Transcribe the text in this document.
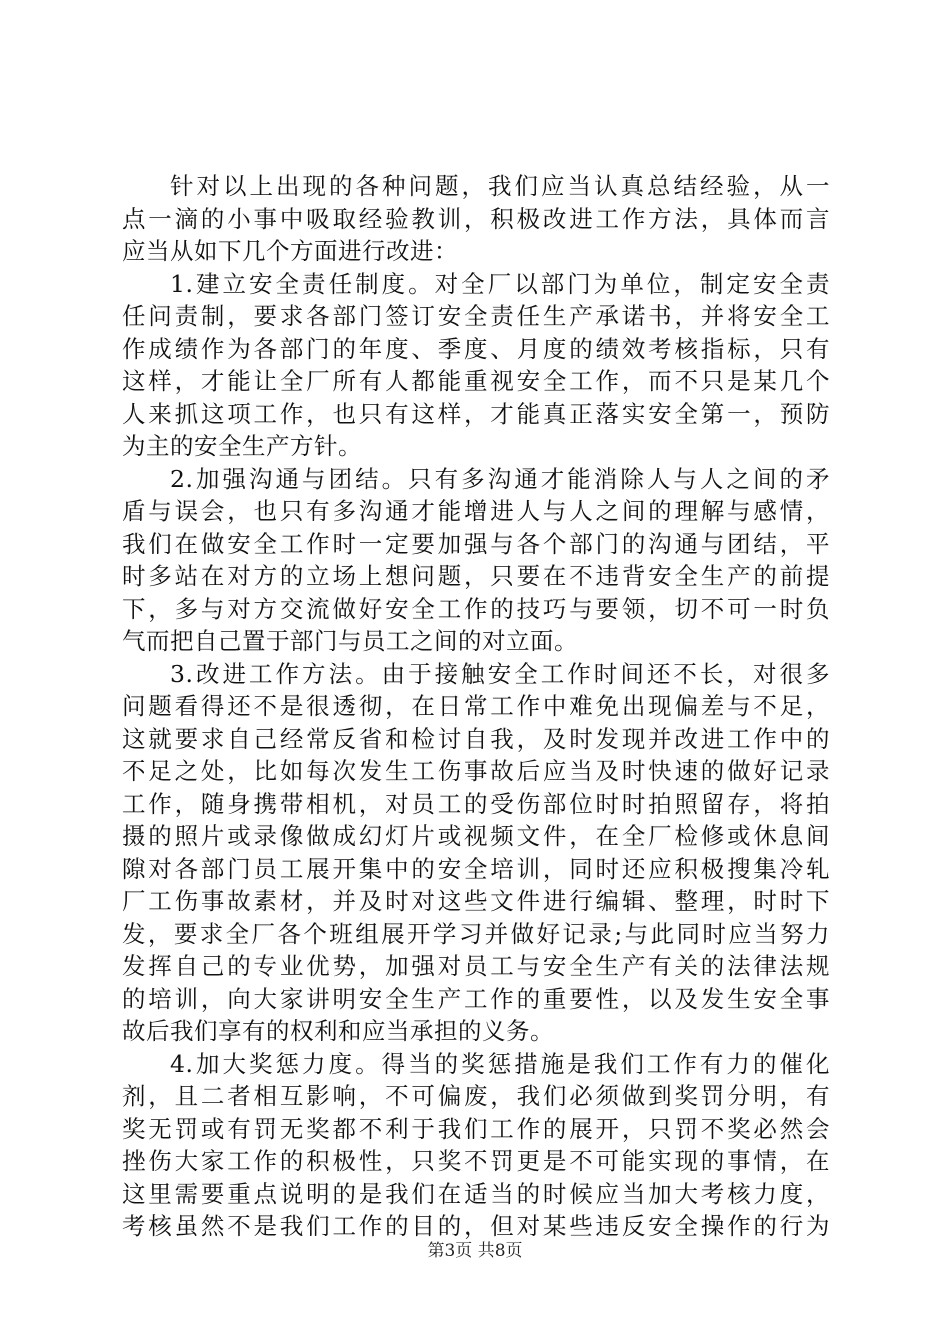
针对以上出现的各种问题，我们应当认真总结经验，从一
点一滴的小事中吸取经验教训，积极改进工作方法，具体而言
应当从如下几个方面进行改进：
1.建立安全责任制度。对全厂以部门为单位，制定安全责
任问责制，要求各部门签订安全责任生产承诺书，并将安全工
作成绩作为各部门的年度、季度、月度的绩效考核指标，只有
这样，才能让全厂所有人都能重视安全工作，而不只是某几个
人来抓这项工作，也只有这样，才能真正落实安全第一，预防
为主的安全生产方针。
2.加强沟通与团结。只有多沟通才能消除人与人之间的矛
盾与误会，也只有多沟通才能增进人与人之间的理解与感情，
我们在做安全工作时一定要加强与各个部门的沟通与团结，平
时多站在对方的立场上想问题，只要在不违背安全生产的前提
下，多与对方交流做好安全工作的技巧与要领，切不可一时负
气而把自己置于部门与员工之间的对立面。
3.改进工作方法。由于接触安全工作时间还不长，对很多
问题看得还不是很透彻，在日常工作中难免出现偏差与不足，
这就要求自己经常反省和检讨自我，及时发现并改进工作中的
不足之处，比如每次发生工伤事故后应当及时快速的做好记录
工作，随身携带相机，对员工的受伤部位时时拍照留存，将拍
摄的照片或录像做成幻灯片或视频文件，在全厂检修或休息间
隙对各部门员工展开集中的安全培训，同时还应积极搜集冷轧
厂工伤事故素材，并及时对这些文件进行编辑、整理，时时下
发，要求全厂各个班组展开学习并做好记录;与此同时应当努力
发挥自己的专业优势，加强对员工与安全生产有关的法律法规
的培训，向大家讲明安全生产工作的重要性，以及发生安全事
故后我们享有的权利和应当承担的义务。
4.加大奖惩力度。得当的奖惩措施是我们工作有力的催化
剂，且二者相互影响，不可偏废，我们必须做到奖罚分明，有
奖无罚或有罚无奖都不利于我们工作的展开，只罚不奖必然会
挫伤大家工作的积极性，只奖不罚更是不可能实现的事情，在
这里需要重点说明的是我们在适当的时候应当加大考核力度，
考核虽然不是我们工作的目的，但对某些违反安全操作的行为
第3页 共8页
